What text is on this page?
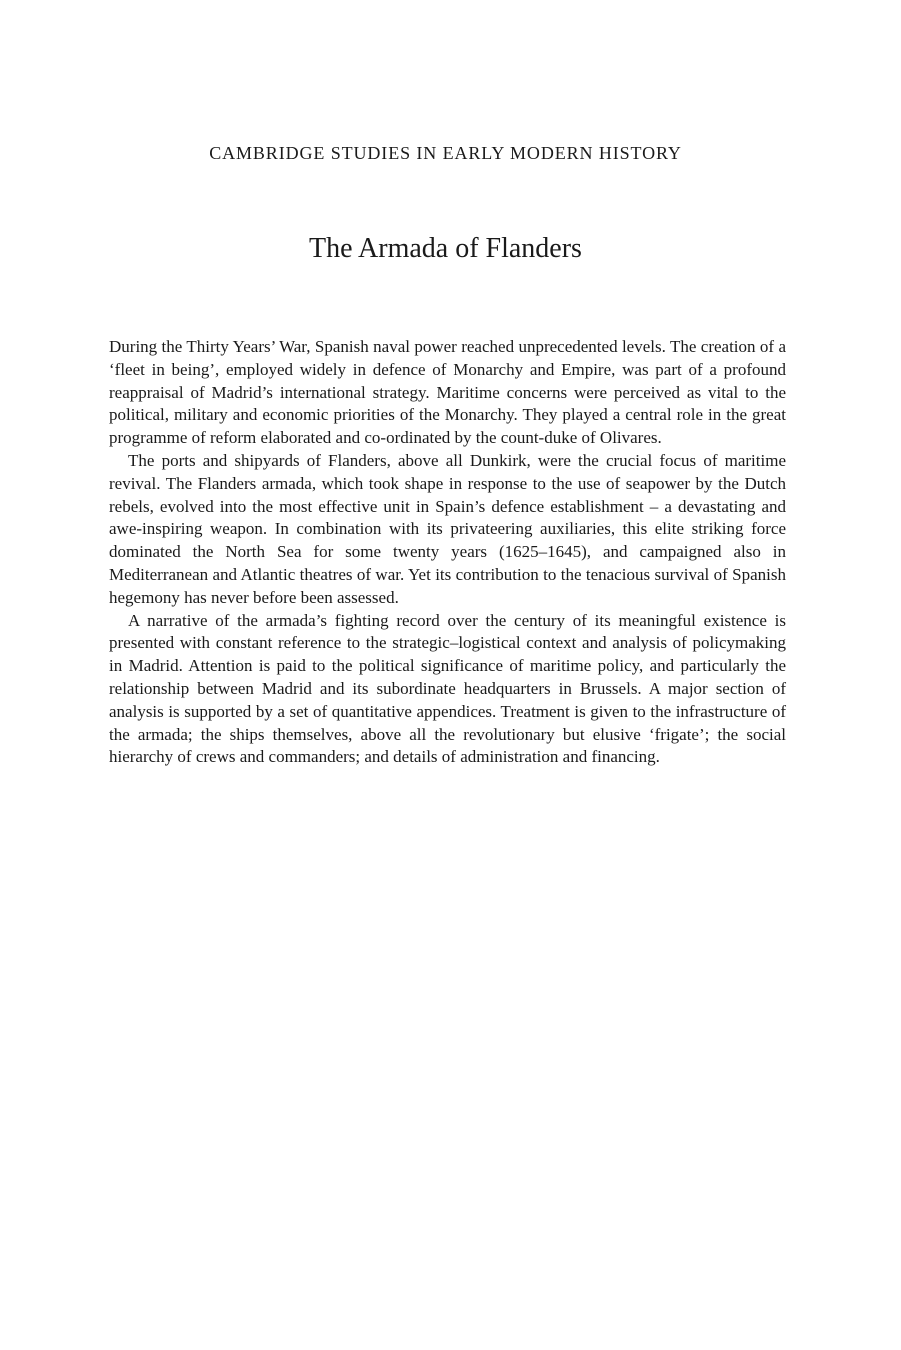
CAMBRIDGE STUDIES IN EARLY MODERN HISTORY
The Armada of Flanders

During the Thirty Years’ War, Spanish naval power reached unprecedented levels. The creation of a ‘fleet in being’, employed widely in defence of Monarchy and Empire, was part of a profound reappraisal of Madrid’s international strategy. Maritime concerns were perceived as vital to the political, military and economic priorities of the Monarchy. They played a central role in the great programme of reform elaborated and co-ordinated by the count-duke of Olivares.

The ports and shipyards of Flanders, above all Dunkirk, were the crucial focus of maritime revival. The Flanders armada, which took shape in response to the use of seapower by the Dutch rebels, evolved into the most effective unit in Spain’s defence establishment – a devastating and awe-inspiring weapon. In combination with its privateering auxiliaries, this elite striking force dominated the North Sea for some twenty years (1625–1645), and campaigned also in Mediterranean and Atlantic theatres of war. Yet its contribution to the tenacious survival of Spanish hegemony has never before been assessed.

A narrative of the armada’s fighting record over the century of its meaningful existence is presented with constant reference to the strategic–logistical context and analysis of policymaking in Madrid. Attention is paid to the political significance of maritime policy, and particularly the relationship between Madrid and its subordinate headquarters in Brussels. A major section of analysis is supported by a set of quantitative appendices. Treatment is given to the infrastructure of the armada; the ships themselves, above all the revolutionary but elusive ‘frigate’; the social hierarchy of crews and commanders; and details of administration and financing.
